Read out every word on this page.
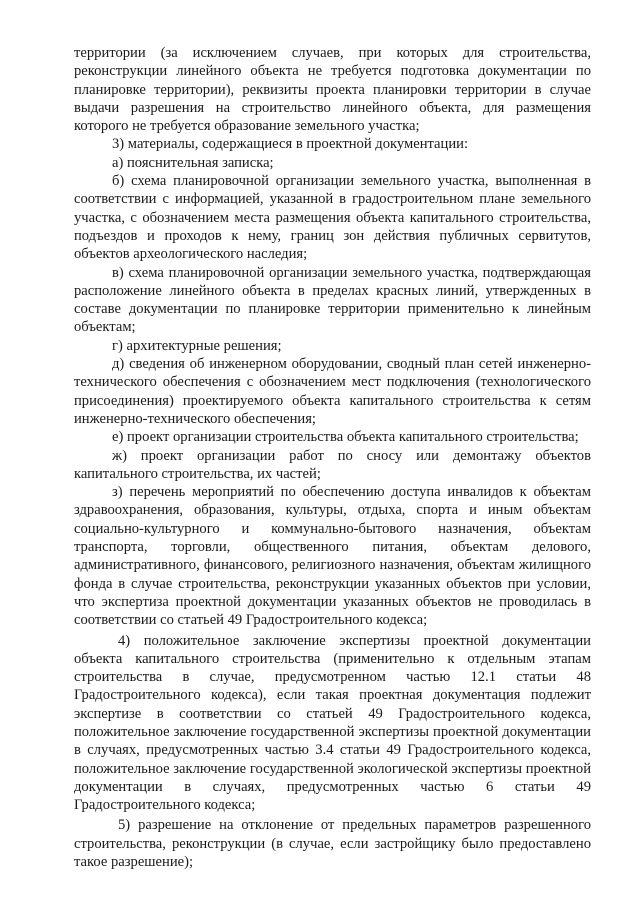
территории (за исключением случаев, при которых для строительства, реконструкции линейного объекта не требуется подготовка документации по планировке территории), реквизиты проекта планировки территории в случае выдачи разрешения на строительство линейного объекта, для размещения которого не требуется образование земельного участка;

3) материалы, содержащиеся в проектной документации:

а) пояснительная записка;

б) схема планировочной организации земельного участка, выполненная в соответствии с информацией, указанной в градостроительном плане земельного участка, с обозначением места размещения объекта капитального строительства, подъездов и проходов к нему, границ зон действия публичных сервитутов, объектов археологического наследия;

в) схема планировочной организации земельного участка, подтверждающая расположение линейного объекта в пределах красных линий, утвержденных в составе документации по планировке территории применительно к линейным объектам;

г) архитектурные решения;

д) сведения об инженерном оборудовании, сводный план сетей инженерно-технического обеспечения с обозначением мест подключения (технологического присоединения) проектируемого объекта капитального строительства к сетям инженерно-технического обеспечения;

е) проект организации строительства объекта капитального строительства;

ж) проект организации работ по сносу или демонтажу объектов капитального строительства, их частей;

з) перечень мероприятий по обеспечению доступа инвалидов к объектам здравоохранения, образования, культуры, отдыха, спорта и иным объектам социально-культурного и коммунально-бытового назначения, объектам транспорта, торговли, общественного питания, объектам делового, административного, финансового, религиозного назначения, объектам жилищного фонда в случае строительства, реконструкции указанных объектов при условии, что экспертиза проектной документации указанных объектов не проводилась в соответствии со статьей 49 Градостроительного кодекса;

4) положительное заключение экспертизы проектной документации объекта капитального строительства (применительно к отдельным этапам строительства в случае, предусмотренном частью 12.1 статьи 48 Градостроительного кодекса), если такая проектная документация подлежит экспертизе в соответствии со статьей 49 Градостроительного кодекса, положительное заключение государственной экспертизы проектной документации в случаях, предусмотренных частью 3.4 статьи 49 Градостроительного кодекса, положительное заключение государственной экологической экспертизы проектной документации в случаях, предусмотренных частью 6 статьи 49 Градостроительного кодекса;

5) разрешение на отклонение от предельных параметров разрешенного строительства, реконструкции (в случае, если застройщику было предоставлено такое разрешение);
